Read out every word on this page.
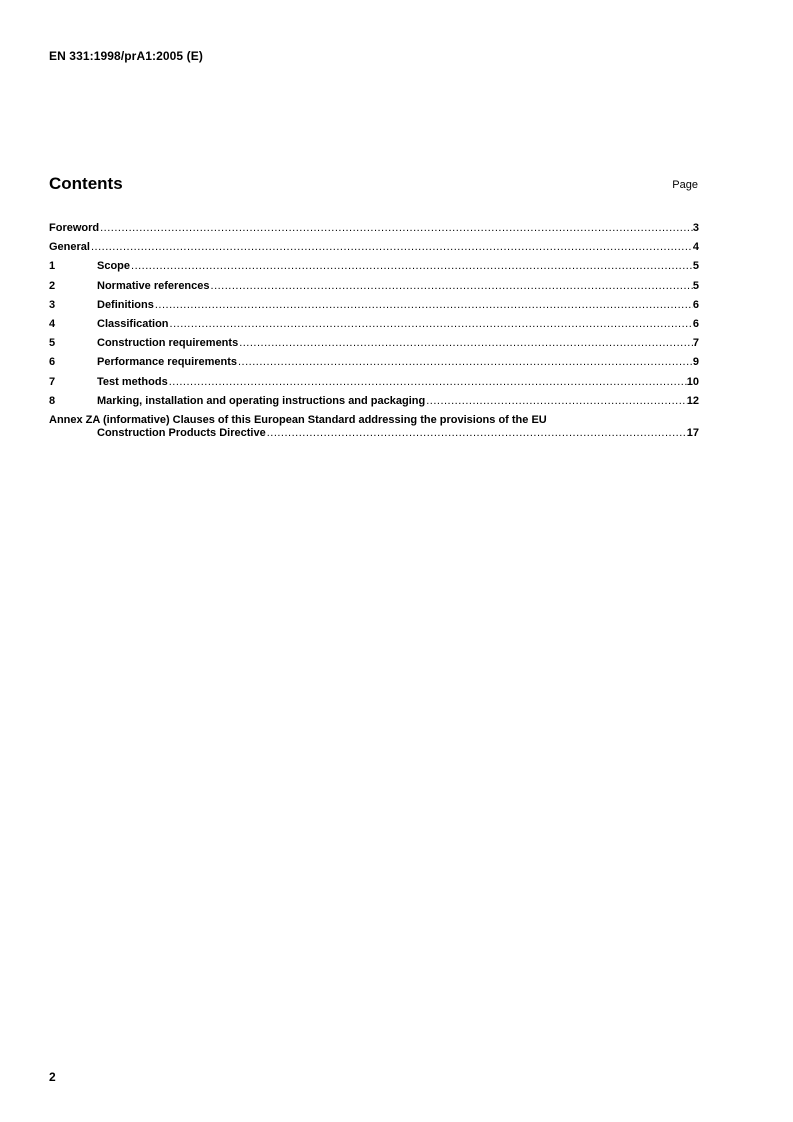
EN 331:1998/prA1:2005 (E)
Contents	Page
Foreword .....	3
General .....	4
1	Scope .....	5
2	Normative references .....	5
3	Definitions .....	6
4	Classification .....	6
5	Construction requirements .....	7
6	Performance requirements .....	9
7	Test methods .....	10
8	Marking, installation and operating instructions and packaging .....	12
Annex ZA (informative) Clauses of this European Standard addressing the provisions of the EU
Construction Products Directive .....	17
2
